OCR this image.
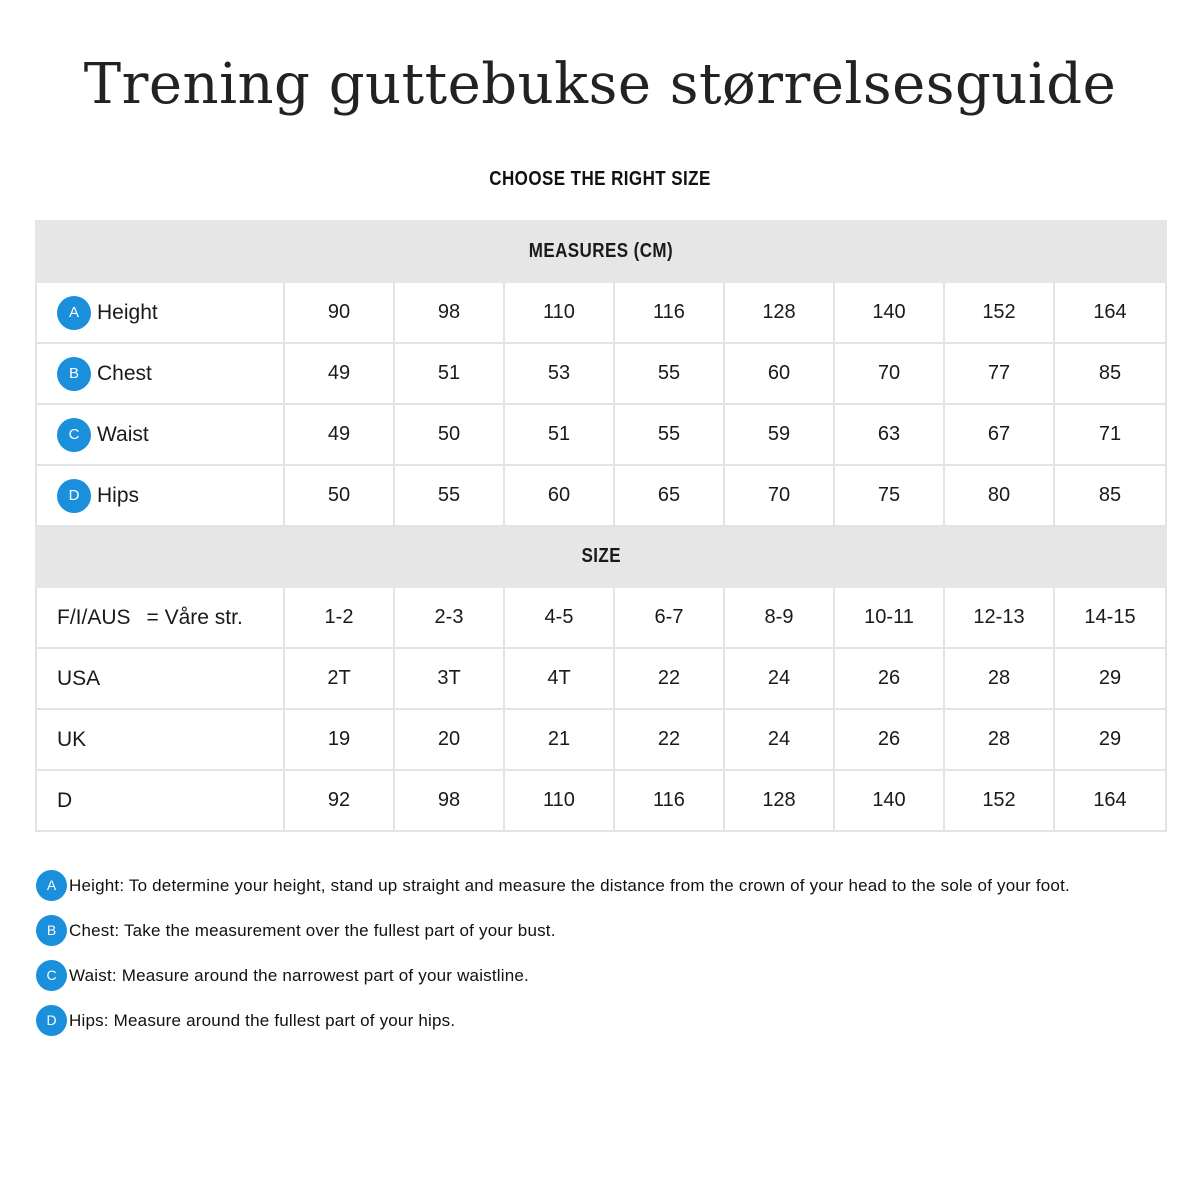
Trening guttebukse størrelsesguide
CHOOSE THE RIGHT SIZE
MEASURES (CM)								
A Height	90	98	110	116	128	140	152	164
B Chest	49	51	53	55	60	70	77	85
C Waist	49	50	51	55	59	63	67	71
D Hips	50	55	60	65	70	75	80	85
SIZE								
F/I/AUS = Våre str.	1-2	2-3	4-5	6-7	8-9	10-11	12-13	14-15
USA	2T	3T	4T	22	24	26	28	29
UK	19	20	21	22	24	26	28	29
D	92	98	110	116	128	140	152	164
A Height: To determine your height, stand up straight and measure the distance from the crown of your head to the sole of your foot.
B Chest: Take the measurement over the fullest part of your bust.
C Waist: Measure around the narrowest part of your waistline.
D Hips: Measure around the fullest part of your hips.
